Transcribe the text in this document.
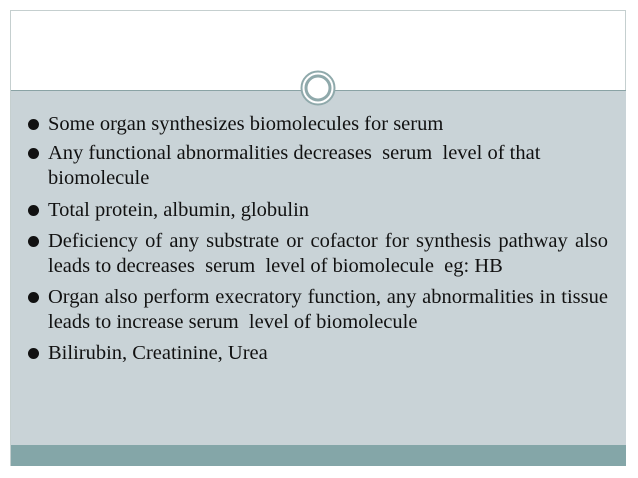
Some organ synthesizes biomolecules for serum
Any functional abnormalities decreases  serum  level of that biomolecule
Total protein, albumin, globulin
Deficiency of any substrate or cofactor for synthesis pathway also leads to decreases  serum  level of biomolecule  eg: HB
Organ also perform execratory function, any abnormalities in tissue leads to increase serum  level of biomolecule
Bilirubin, Creatinine, Urea
